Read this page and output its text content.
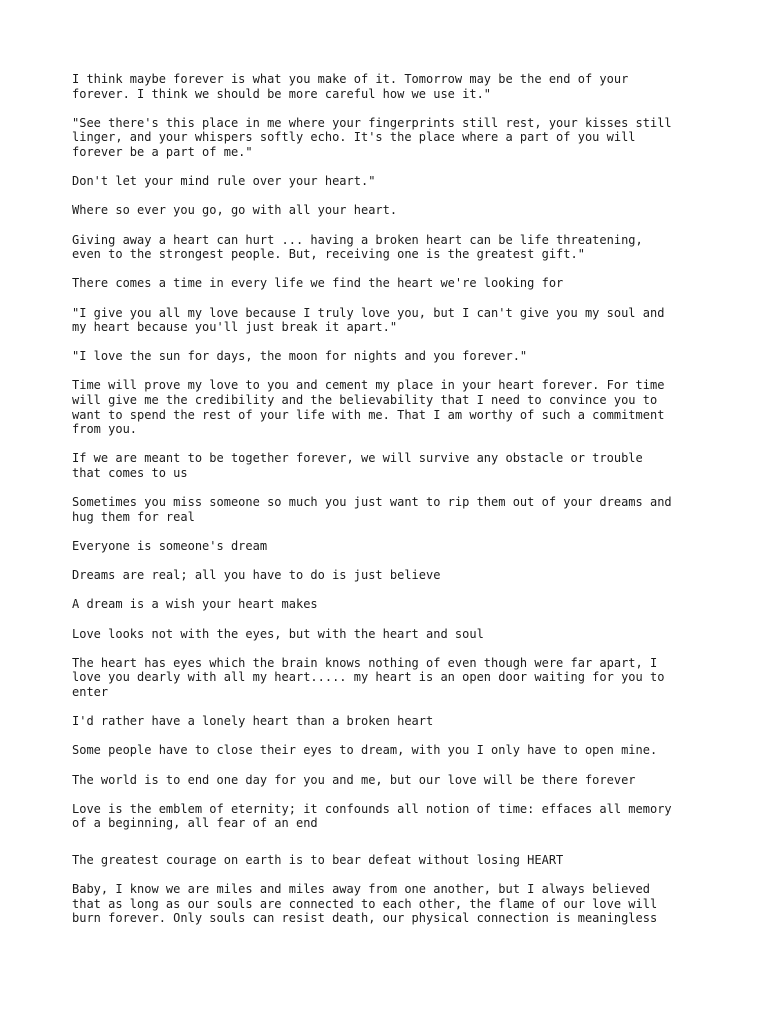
I think maybe forever is what you make of it. Tomorrow may be the end of your
forever. I think we should be more careful how we use it."

"See there's this place in me where your fingerprints still rest, your kisses still
linger, and your whispers softly echo. It's the place where a part of you will
forever be a part of me."

Don't let your mind rule over your heart."

Where so ever you go, go with all your heart.

Giving away a heart can hurt ... having a broken heart can be life threatening,
even to the strongest people. But, receiving one is the greatest gift."

There comes a time in every life we find the heart we're looking for

"I give you all my love because I truly love you, but I can't give you my soul and
my heart because you'll just break it apart."

"I love the sun for days, the moon for nights and you forever."

Time will prove my love to you and cement my place in your heart forever. For time
will give me the credibility and the believability that I need to convince you to
want to spend the rest of your life with me. That I am worthy of such a commitment
from you.

If we are meant to be together forever, we will survive any obstacle or trouble
that comes to us

Sometimes you miss someone so much you just want to rip them out of your dreams and
hug them for real

Everyone is someone's dream

Dreams are real; all you have to do is just believe

A dream is a wish your heart makes

Love looks not with the eyes, but with the heart and soul

The heart has eyes which the brain knows nothing of even though were far apart, I
love you dearly with all my heart..... my heart is an open door waiting for you to
enter

I'd rather have a lonely heart than a broken heart

Some people have to close their eyes to dream, with you I only have to open mine.

The world is to end one day for you and me, but our love will be there forever

Love is the emblem of eternity; it confounds all notion of time: effaces all memory
of a beginning, all fear of an end

The greatest courage on earth is to bear defeat without losing HEART

Baby, I know we are miles and miles away from one another, but I always believed
that as long as our souls are connected to each other, the flame of our love will
burn forever. Only souls can resist death, our physical connection is meaningless
